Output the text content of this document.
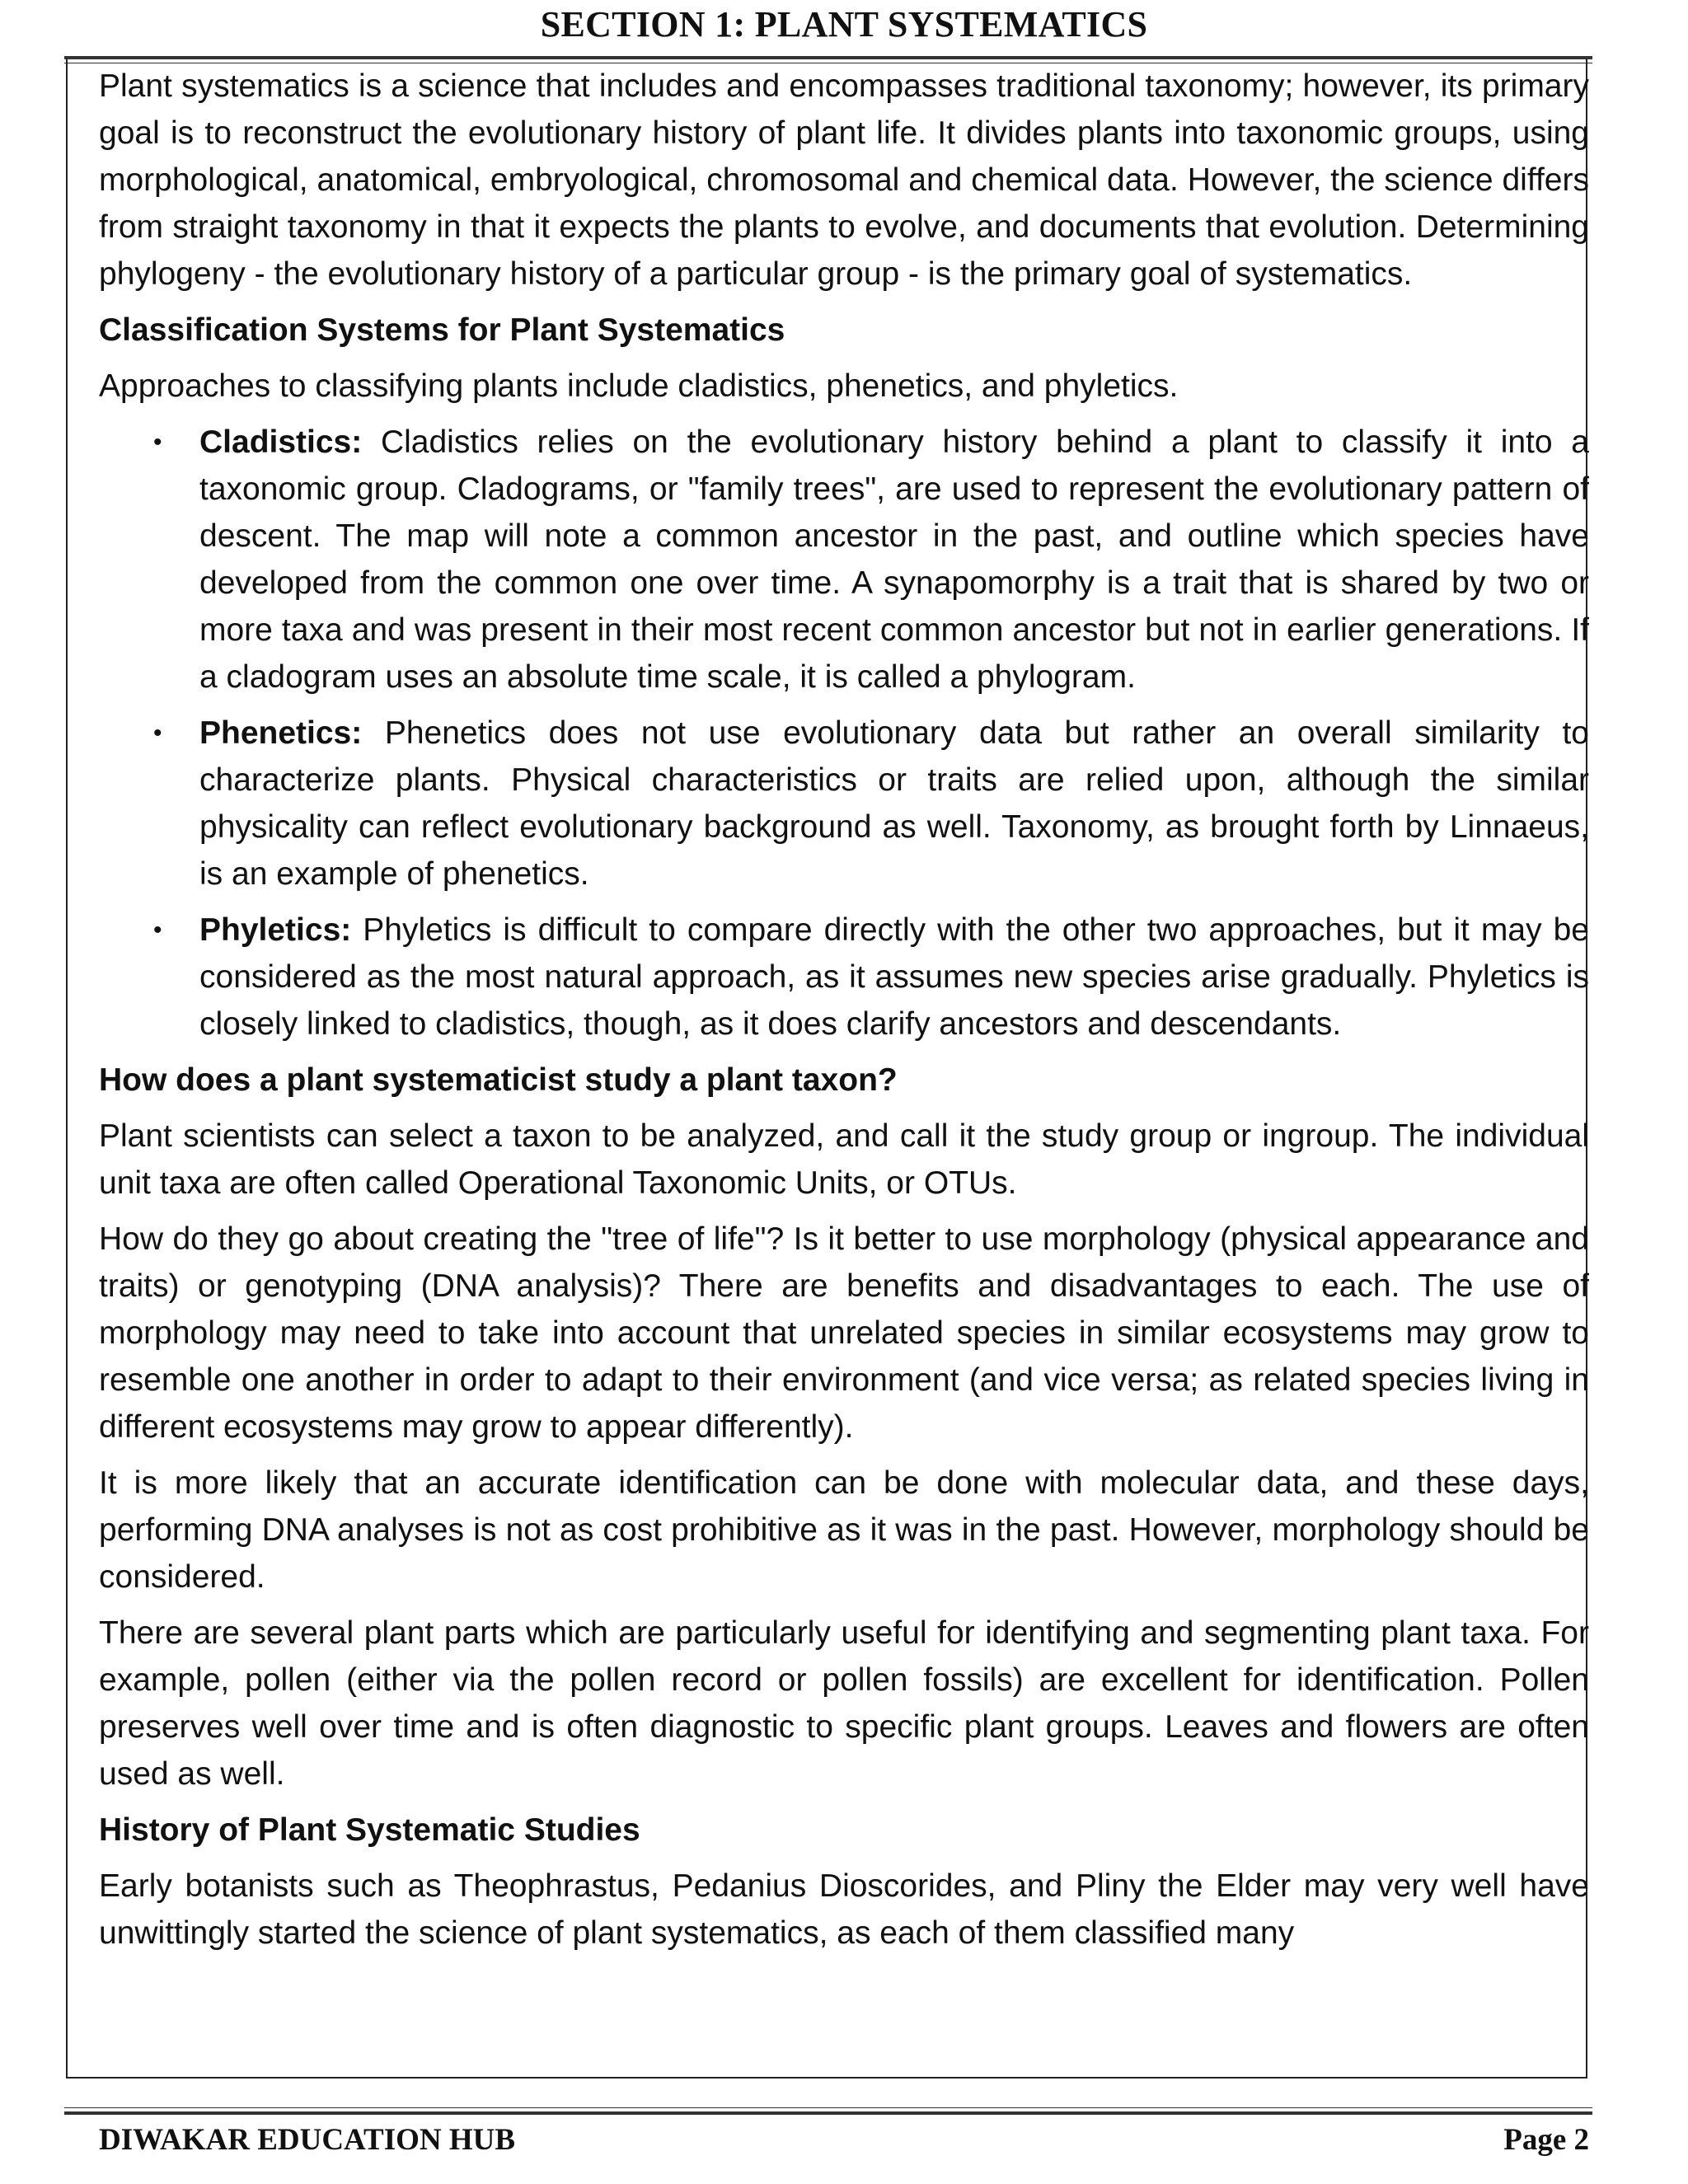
SECTION 1: PLANT SYSTEMATICS

Plant systematics is a science that includes and encompasses traditional taxonomy; however, its primary goal is to reconstruct the evolutionary history of plant life. It divides plants into taxonomic groups, using morphological, anatomical, embryological, chromosomal and chemical data. However, the science differs from straight taxonomy in that it expects the plants to evolve, and documents that evolution. Determining phylogeny - the evolutionary history of a particular group - is the primary goal of systematics.

Classification Systems for Plant Systematics

Approaches to classifying plants include cladistics, phenetics, and phyletics.

• Cladistics: Cladistics relies on the evolutionary history behind a plant to classify it into a taxonomic group. Cladograms, or "family trees", are used to represent the evolutionary pattern of descent. The map will note a common ancestor in the past, and outline which species have developed from the common one over time. A synapomorphy is a trait that is shared by two or more taxa and was present in their most recent common ancestor but not in earlier generations. If a cladogram uses an absolute time scale, it is called a phylogram.
• Phenetics: Phenetics does not use evolutionary data but rather an overall similarity to characterize plants. Physical characteristics or traits are relied upon, although the similar physicality can reflect evolutionary background as well. Taxonomy, as brought forth by Linnaeus, is an example of phenetics.
• Phyletics: Phyletics is difficult to compare directly with the other two approaches, but it may be considered as the most natural approach, as it assumes new species arise gradually. Phyletics is closely linked to cladistics, though, as it does clarify ancestors and descendants.
How does a plant systematicist study a plant taxon?

Plant scientists can select a taxon to be analyzed, and call it the study group or ingroup. The individual unit taxa are often called Operational Taxonomic Units, or OTUs.

How do they go about creating the "tree of life"? Is it better to use morphology (physical appearance and traits) or genotyping (DNA analysis)? There are benefits and disadvantages to each. The use of morphology may need to take into account that unrelated species in similar ecosystems may grow to resemble one another in order to adapt to their environment (and vice versa; as related species living in different ecosystems may grow to appear differently).

It is more likely that an accurate identification can be done with molecular data, and these days, performing DNA analyses is not as cost prohibitive as it was in the past. However, morphology should be considered.

There are several plant parts which are particularly useful for identifying and segmenting plant taxa. For example, pollen (either via the pollen record or pollen fossils) are excellent for identification. Pollen preserves well over time and is often diagnostic to specific plant groups. Leaves and flowers are often used as well.

History of Plant Systematic Studies

Early botanists such as Theophrastus, Pedanius Dioscorides, and Pliny the Elder may very well have unwittingly started the science of plant systematics, as each of them classified many

DIWAKAR EDUCATION HUB	Page 2
